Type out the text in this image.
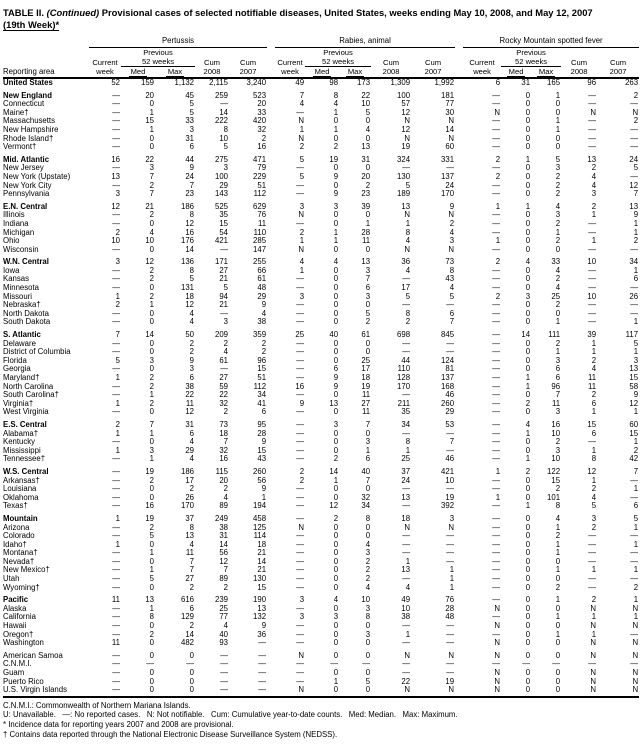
TABLE II. (Continued) Provisional cases of selected notifiable diseases, United States, weeks ending May 10, 2008, and May 12, 2007
(19th Week)*
	Pertussis						Rabies, animal						Rocky Mountain spotted fever				
		Previous						Previous						Previous			
	Current	52 weeks		Cum	Cum		Current	52 weeks		Cum	Cum		Current	52 weeks		Cum	Cum
Reporting area	week	Med	Max	2008	2007		week	Med	Max	2008	2007		week	Med	Max	2008	2007
United States	52	159	1,132	2,115	3,240		49	98	173	1,309	1,992		6	31	165	96	263

New England	—	20	45	259	523		7	8	22	100	181		—	0	1	—	2
Connecticut	—	0	5	—	20		4	4	10	57	77		—	0	0	—	—
Maine†	—	1	5	14	33		—	1	5	12	30		N	0	0	N	N
Massachusetts	—	15	33	222	420		N	0	0	N	N		—	0	1	—	2
New Hampshire	—	1	3	8	32		1	1	4	12	14		—	0	1	—	—
Rhode Island†	—	0	31	10	2		N	0	0	N	N		—	0	0	—	—
Vermont†	—	0	6	5	16		2	2	13	19	60		—	0	0	—	—

Mid. Atlantic	16	22	44	275	471		5	19	31	324	331		2	1	5	13	24
New Jersey	—	3	9	3	79		—	0	0	—	—		—	0	3	2	5
New York (Upstate)	13	7	24	100	229		5	9	20	130	137		2	0	2	4	—
New York City	—	2	7	29	51		—	0	2	5	24		—	0	2	4	12
Pennsylvania	3	7	23	143	112		—	9	23	189	170		—	0	2	3	7

E.N. Central	12	21	186	525	629		3	3	39	13	9		1	1	4	2	13
Illinois	—	2	8	35	76		N	0	0	N	N		—	0	3	1	9
Indiana	—	0	12	15	11		—	0	1	1	2		—	0	2	—	1
Michigan	2	4	16	54	110		2	1	28	8	4		—	0	1	—	1
Ohio	10	10	176	421	285		1	1	11	4	3		1	0	2	1	2
Wisconsin	—	0	14	—	147		N	0	0	N	N		—	0	0	—	—

W.N. Central	3	12	136	171	255		4	4	13	36	73		2	4	33	10	34
Iowa	—	2	8	27	66		1	0	3	4	8		—	0	4	—	1
Kansas	—	2	5	21	61		—	0	7	—	43		—	0	2	—	6
Minnesota	—	0	131	5	48		—	0	6	17	4		—	0	4	—	—
Missouri	1	2	18	94	29		3	0	3	5	5		2	3	25	10	26
Nebraska†	2	1	12	21	9		—	0	0	—	—		—	0	2	—	—
North Dakota	—	0	4	—	4		—	0	5	8	6		—	0	0	—	—
South Dakota	—	0	4	3	38		—	0	2	2	7		—	0	1	—	1

S. Atlantic	7	14	50	209	359		25	40	61	698	845		—	14	111	39	117
Delaware	—	0	2	2	2		—	0	0	—	—		—	0	2	1	5
District of Columbia	—	0	2	4	2		—	0	0	—	—		—	0	1	1	1
Florida	5	3	9	61	96		—	0	25	44	124		—	0	3	2	3
Georgia	—	0	3	—	15		—	6	17	110	81		—	0	6	4	13
Maryland†	1	2	6	27	51		—	9	18	128	137		—	1	6	11	15
North Carolina	—	2	38	59	112		16	9	19	170	168		—	1	96	11	58
South Carolina†	—	1	22	22	34		—	0	11	—	46		—	0	7	2	9
Virginia†	1	2	11	32	41		9	13	27	211	260		—	2	11	6	12
West Virginia	—	0	12	2	6		—	0	11	35	29		—	0	3	1	1

E.S. Central	2	7	31	73	95		—	3	7	34	53		—	4	16	15	60
Alabama†	1	1	6	18	28		—	0	0	—	—		—	1	10	6	15
Kentucky	—	0	4	7	9		—	0	3	8	7		—	0	2	—	1
Mississippi	1	3	29	32	15		—	0	1	1	—		—	0	3	1	2
Tennessee†	—	1	4	16	43		—	2	6	25	46		—	1	10	8	42

W.S. Central	—	19	186	115	260		2	14	40	37	421		1	2	122	12	7
Arkansas†	—	2	17	20	56		2	1	7	24	10		—	0	15	1	—
Louisiana	—	0	2	2	9		—	0	0	—	—		—	0	2	2	1
Oklahoma	—	0	26	4	1		—	0	32	13	19		1	0	101	4	—
Texas†	—	16	170	89	194		—	12	34	—	392		—	1	8	5	6

Mountain	1	19	37	249	458		—	2	8	18	3		—	0	4	3	5
Arizona	—	2	8	38	125		N	0	0	N	N		—	0	1	2	1
Colorado	—	5	13	31	114		—	0	0	—	—		—	0	2	—	—
Idaho†	1	0	4	14	18		—	0	4	—	—		—	0	1	—	1
Montana†	—	1	11	56	21		—	0	3	—	—		—	0	1	—	—
Nevada†	—	0	7	12	14		—	0	2	1	—		—	0	0	—	—
New Mexico†	—	1	7	7	21		—	0	2	13	1		—	0	1	1	1
Utah	—	5	27	89	130		—	0	2	—	1		—	0	0	—	—
Wyoming†	—	0	2	2	15		—	0	4	4	1		—	0	2	—	2

Pacific	11	13	616	239	190		3	4	10	49	76		—	0	1	2	1
Alaska	—	1	6	25	13		—	0	3	10	28		N	0	0	N	N
California	—	8	129	77	132		3	3	8	38	48		—	0	1	1	1
Hawaii	—	0	2	4	9		—	0	0	—	—		N	0	0	N	N
Oregon†	—	2	14	40	36		—	0	3	1	—		—	0	1	1	—
Washington	11	0	482	93	—		—	0	0	—	—		N	0	0	N	N

American Samoa	—	0	0	—	—		N	0	0	N	N		N	0	0	N	N
C.N.M.I.	—	—	—	—	—		—	—	—	—	—		—	—	—	—	—
Guam	—	0	0	—	—		—	0	0	—	—		N	0	0	N	N
Puerto Rico	—	0	0	—	—		—	1	5	22	19		N	0	0	N	N
U.S. Virgin Islands	—	0	0	—	—		N	0	0	N	N		N	0	0	N	N
C.N.M.I.: Commonwealth of Northern Mariana Islands.
U: Unavailable.   —: No reported cases.   N: Not notifiable.   Cum: Cumulative year-to-date counts.   Med: Median.   Max: Maximum.
* Incidence data for reporting years 2007 and 2008 are provisional.
† Contains data reported through the National Electronic Disease Surveillance System (NEDSS).
